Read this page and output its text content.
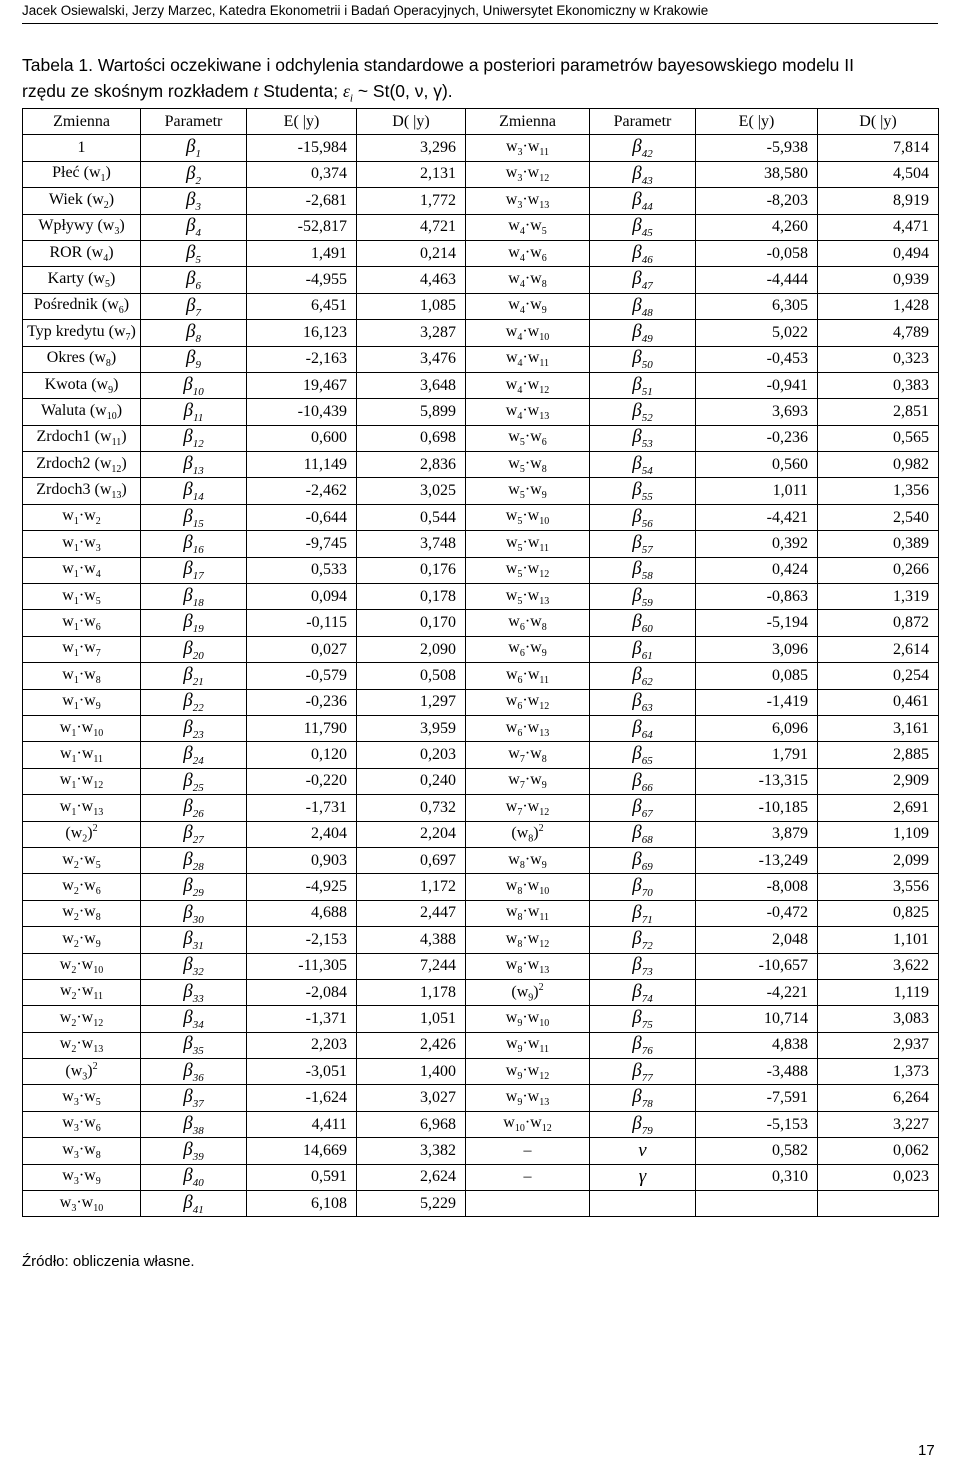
Jacek Osiewalski, Jerzy Marzec, Katedra Ekonometrii i Badań Operacyjnych, Uniwersytet Ekonomiczny w Krakowie
Tabela 1. Wartości oczekiwane i odchylenia standardowe a posteriori parametrów bayesowskiego modelu II
rzędu ze skośnym rozkładem t Studenta; $\varepsilon_i$ ~ St(0, ν, γ).
Zmienna	Parametr	E( |y)	D( |y)	Zmienna	Parametr	E( |y)	D( |y)
1	$\beta_1$	-15,984	3,296	$w_3\cdot w_{11}$	$\beta_{42}$	-5,938	7,814
Płeć $(w_1)$	$\beta_2$	0,374	2,131	$w_3\cdot w_{12}$	$\beta_{43}$	38,580	4,504
Wiek $(w_2)$	$\beta_3$	-2,681	1,772	$w_3\cdot w_{13}$	$\beta_{44}$	-8,203	8,919
Wpływy $(w_3)$	$\beta_4$	-52,817	4,721	$w_4\cdot w_5$	$\beta_{45}$	4,260	4,471
ROR $(w_4)$	$\beta_5$	1,491	0,214	$w_4\cdot w_6$	$\beta_{46}$	-0,058	0,494
Karty $(w_5)$	$\beta_6$	-4,955	4,463	$w_4\cdot w_8$	$\beta_{47}$	-4,444	0,939
Pośrednik $(w_6)$	$\beta_7$	6,451	1,085	$w_4\cdot w_9$	$\beta_{48}$	6,305	1,428
Typ kredytu $(w_7)$	$\beta_8$	16,123	3,287	$w_4\cdot w_{10}$	$\beta_{49}$	5,022	4,789
Okres $(w_8)$	$\beta_9$	-2,163	3,476	$w_4\cdot w_{11}$	$\beta_{50}$	-0,453	0,323
Kwota $(w_9)$	$\beta_{10}$	19,467	3,648	$w_4\cdot w_{12}$	$\beta_{51}$	-0,941	0,383
Waluta $(w_{10})$	$\beta_{11}$	-10,439	5,899	$w_4\cdot w_{13}$	$\beta_{52}$	3,693	2,851
Zrdoch1 $(w_{11})$	$\beta_{12}$	0,600	0,698	$w_5\cdot w_6$	$\beta_{53}$	-0,236	0,565
Zrdoch2 $(w_{12})$	$\beta_{13}$	11,149	2,836	$w_5\cdot w_8$	$\beta_{54}$	0,560	0,982
Zrdoch3 $(w_{13})$	$\beta_{14}$	-2,462	3,025	$w_5\cdot w_9$	$\beta_{55}$	1,011	1,356
$w_1\cdot w_2$	$\beta_{15}$	-0,644	0,544	$w_5\cdot w_{10}$	$\beta_{56}$	-4,421	2,540
$w_1\cdot w_3$	$\beta_{16}$	-9,745	3,748	$w_5\cdot w_{11}$	$\beta_{57}$	0,392	0,389
$w_1\cdot w_4$	$\beta_{17}$	0,533	0,176	$w_5\cdot w_{12}$	$\beta_{58}$	0,424	0,266
$w_1\cdot w_5$	$\beta_{18}$	0,094	0,178	$w_5\cdot w_{13}$	$\beta_{59}$	-0,863	1,319
$w_1\cdot w_6$	$\beta_{19}$	-0,115	0,170	$w_6\cdot w_8$	$\beta_{60}$	-5,194	0,872
$w_1\cdot w_7$	$\beta_{20}$	0,027	2,090	$w_6\cdot w_9$	$\beta_{61}$	3,096	2,614
$w_1\cdot w_8$	$\beta_{21}$	-0,579	0,508	$w_6\cdot w_{11}$	$\beta_{62}$	0,085	0,254
$w_1\cdot w_9$	$\beta_{22}$	-0,236	1,297	$w_6\cdot w_{12}$	$\beta_{63}$	-1,419	0,461
$w_1\cdot w_{10}$	$\beta_{23}$	11,790	3,959	$w_6\cdot w_{13}$	$\beta_{64}$	6,096	3,161
$w_1\cdot w_{11}$	$\beta_{24}$	0,120	0,203	$w_7\cdot w_8$	$\beta_{65}$	1,791	2,885
$w_1\cdot w_{12}$	$\beta_{25}$	-0,220	0,240	$w_7\cdot w_9$	$\beta_{66}$	-13,315	2,909
$w_1\cdot w_{13}$	$\beta_{26}$	-1,731	0,732	$w_7\cdot w_{12}$	$\beta_{67}$	-10,185	2,691
$(w_2)^2$	$\beta_{27}$	2,404	2,204	$(w_8)^2$	$\beta_{68}$	3,879	1,109
$w_2\cdot w_5$	$\beta_{28}$	0,903	0,697	$w_8\cdot w_9$	$\beta_{69}$	-13,249	2,099
$w_2\cdot w_6$	$\beta_{29}$	-4,925	1,172	$w_8\cdot w_{10}$	$\beta_{70}$	-8,008	3,556
$w_2\cdot w_8$	$\beta_{30}$	4,688	2,447	$w_8\cdot w_{11}$	$\beta_{71}$	-0,472	0,825
$w_2\cdot w_9$	$\beta_{31}$	-2,153	4,388	$w_8\cdot w_{12}$	$\beta_{72}$	2,048	1,101
$w_2\cdot w_{10}$	$\beta_{32}$	-11,305	7,244	$w_8\cdot w_{13}$	$\beta_{73}$	-10,657	3,622
$w_2\cdot w_{11}$	$\beta_{33}$	-2,084	1,178	$(w_9)^2$	$\beta_{74}$	-4,221	1,119
$w_2\cdot w_{12}$	$\beta_{34}$	-1,371	1,051	$w_9\cdot w_{10}$	$\beta_{75}$	10,714	3,083
$w_2\cdot w_{13}$	$\beta_{35}$	2,203	2,426	$w_9\cdot w_{11}$	$\beta_{76}$	4,838	2,937
$(w_3)^2$	$\beta_{36}$	-3,051	1,400	$w_9\cdot w_{12}$	$\beta_{77}$	-3,488	1,373
$w_3\cdot w_5$	$\beta_{37}$	-1,624	3,027	$w_9\cdot w_{13}$	$\beta_{78}$	-7,591	6,264
$w_3\cdot w_6$	$\beta_{38}$	4,411	6,968	$w_{10}\cdot w_{12}$	$\beta_{79}$	-5,153	3,227
$w_3\cdot w_8$	$\beta_{39}$	14,669	3,382	–	ν	0,582	0,062
$w_3\cdot w_9$	$\beta_{40}$	0,591	2,624	–	γ	0,310	0,023
$w_3\cdot w_{10}$	$\beta_{41}$	6,108	5,229				
Źródło: obliczenia własne.
17
